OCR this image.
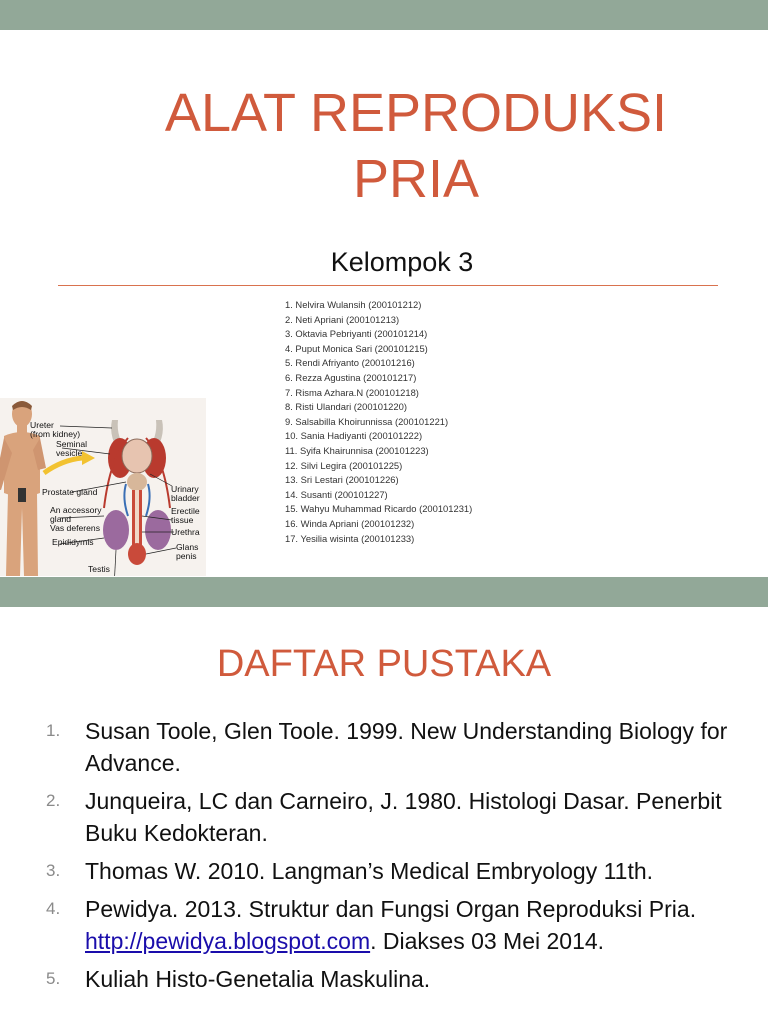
ALAT REPRODUKSI
PRIA
Kelompok 3
1. Nelvira Wulansih (200101212)
2. Neti Apriani (200101213)
3. Oktavia Pebriyanti (200101214)
4. Puput Monica Sari (200101215)
5. Rendi Afriyanto (200101216)
6. Rezza Agustina (200101217)
7. Risma Azhara.N (200101218)
8. Risti Ulandari (200101220)
9. Salsabilla Khoirunnissa (200101221)
10. Sania Hadiyanti (200101222)
11. Syifa Khairunnisa (200101223)
12. Silvi Legira (200101225)
13. Sri Lestari (200101226)
14. Susanti (200101227)
15. Wahyu Muhammad Ricardo (200101231)
16. Winda Apriani (200101232)
17. Yesilia wisinta (200101233)
Ureter
(from kidney)
Seminal
vesicle
Prostate gland
An accessory
gland
Vas deferens
Epididymis
Testis
Urinary
bladder
Erectile
tissue
Urethra
Glans
penis
DAFTAR PUSTAKA
1. Susan Toole, Glen Toole. 1999. New Understanding Biology for Advance.
2. Junqueira, LC dan Carneiro, J. 1980. Histologi Dasar. Penerbit Buku Kedokteran.
3. Thomas W. 2010. Langman’s Medical Embryology 11th.
4. Pewidya. 2013. Struktur dan Fungsi Organ Reproduksi Pria. http://pewidya.blogspot.com. Diakses 03 Mei 2014.
5. Kuliah Histo-Genetalia Maskulina.
